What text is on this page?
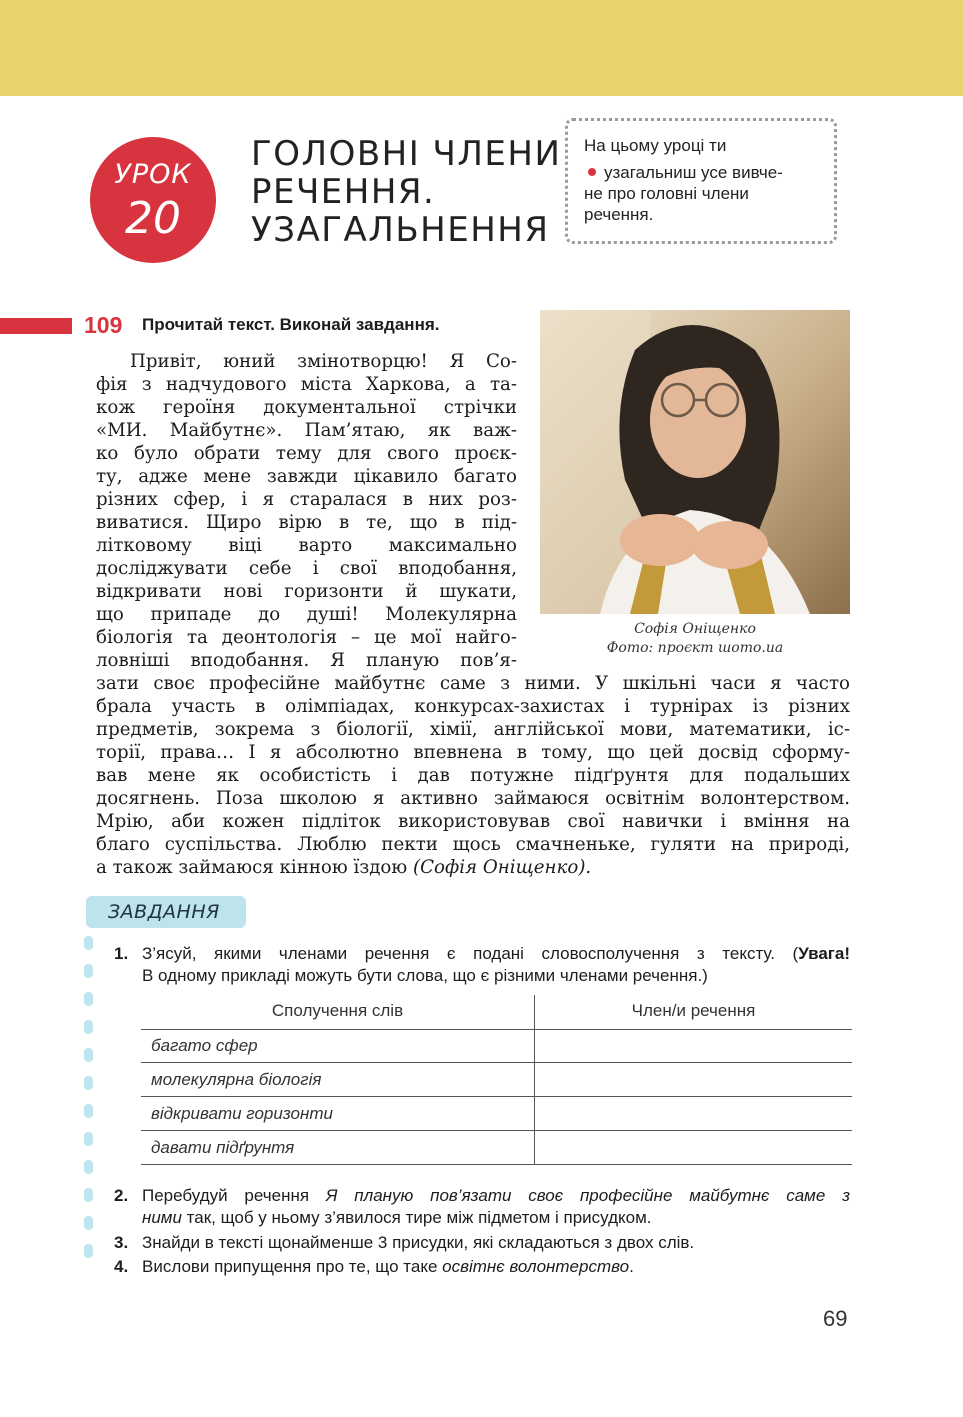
УРОК
20
ГОЛОВНІ ЧЛЕНИ
РЕЧЕННЯ.
УЗАГАЛЬНЕННЯ
На цьому уроці ти
узагальниш усе вивче-
не про головні члени
речення.
109 Прочитай текст. Виконай завдання.
Софія Оніщенко
Фото: проєкт шото.иа
Привіт, юний змінотворцю! Я Со-
фія з надчудового міста Харкова, а та-
кож героїня документальної стрічки
«МИ. Майбутнє». Пам’ятаю, як важ-
ко було обрати тему для свого проєк-
ту, адже мене завжди цікавило багато
різних сфер, і я старалася в них роз-
виватися. Щиро вірю в те, що в під-
літковому віці варто максимально
досліджувати себе і свої вподобання,
відкривати нові горизонти й шукати,
що припаде до душі! Молекулярна
біологія та деонтологія – це мої найго-
ловніші вподобання. Я планую пов’я-
зати своє професійне майбутнє саме з ними. У шкільні часи я часто
брала участь в олімпіадах, конкурсах-захистах і турнірах із різних
предметів, зокрема з біології, хімії, англійської мови, математики, іс-
торії, права… І я абсолютно впевнена в тому, що цей досвід сформу-
вав мене як особистість і дав потужне підґрунтя для подальших
досягнень. Поза школою я активно займаюся освітнім волонтерством.
Мрію, аби кожен підліток використовував свої навички і вміння на
благо суспільства. Люблю пекти щось смачненьке, гуляти на природі,
а також займаюся кінною їздою (Софія Оніщенко).
ЗАВДАННЯ
1. З’ясуй, якими членами речення є подані словосполучення з тексту. (Увага!
В одному прикладі можуть бути слова, що є різними членами речення.)
Сполучення слів	Член/и речення
багато сфер
молекулярна біологія
відкривати горизонти
давати підґрунтя
2. Перебудуй речення Я планую пов’язати своє професійне майбутнє саме з
ними так, щоб у ньому з’явилося тире між підметом і присудком.
3. Знайди в тексті щонайменше 3 присудки, які складаються з двох слів.
4. Вислови припущення про те, що таке освітнє волонтерство.
69
